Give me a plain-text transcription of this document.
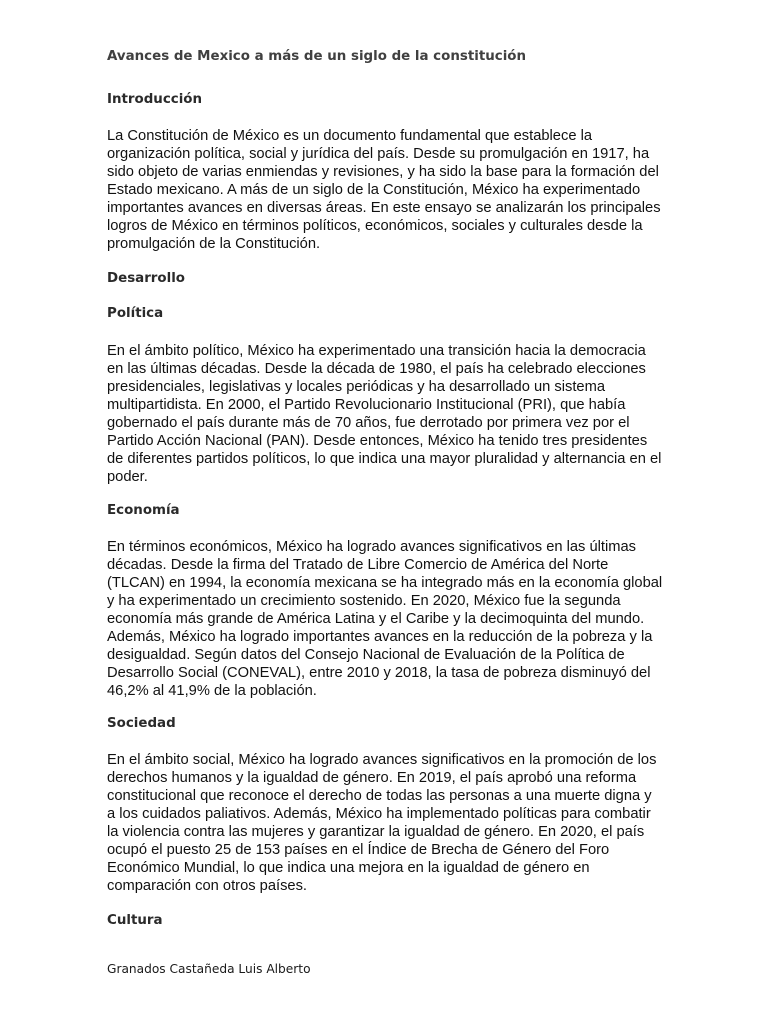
Avances de Mexico a más de un siglo de la constitución
Introducción

La Constitución de México es un documento fundamental que establece la organización política, social y jurídica del país. Desde su promulgación en 1917, ha sido objeto de varias enmiendas y revisiones, y ha sido la base para la formación del Estado mexicano. A más de un siglo de la Constitución, México ha experimentado importantes avances en diversas áreas. En este ensayo se analizarán los principales logros de México en términos políticos, económicos, sociales y culturales desde la promulgación de la Constitución.

Desarrollo
Política

En el ámbito político, México ha experimentado una transición hacia la democracia en las últimas décadas. Desde la década de 1980, el país ha celebrado elecciones presidenciales, legislativas y locales periódicas y ha desarrollado un sistema multipartidista. En 2000, el Partido Revolucionario Institucional (PRI), que había gobernado el país durante más de 70 años, fue derrotado por primera vez por el Partido Acción Nacional (PAN). Desde entonces, México ha tenido tres presidentes de diferentes partidos políticos, lo que indica una mayor pluralidad y alternancia en el poder.

Economía

En términos económicos, México ha logrado avances significativos en las últimas décadas. Desde la firma del Tratado de Libre Comercio de América del Norte (TLCAN) en 1994, la economía mexicana se ha integrado más en la economía global y ha experimentado un crecimiento sostenido. En 2020, México fue la segunda economía más grande de América Latina y el Caribe y la decimoquinta del mundo. Además, México ha logrado importantes avances en la reducción de la pobreza y la desigualdad. Según datos del Consejo Nacional de Evaluación de la Política de Desarrollo Social (CONEVAL), entre 2010 y 2018, la tasa de pobreza disminuyó del 46,2% al 41,9% de la población.

Sociedad

En el ámbito social, México ha logrado avances significativos en la promoción de los derechos humanos y la igualdad de género. En 2019, el país aprobó una reforma constitucional que reconoce el derecho de todas las personas a una muerte digna y a los cuidados paliativos. Además, México ha implementado políticas para combatir la violencia contra las mujeres y garantizar la igualdad de género. En 2020, el país ocupó el puesto 25 de 153 países en el Índice de Brecha de Género del Foro Económico Mundial, lo que indica una mejora en la igualdad de género en comparación con otros países.

Cultura

Granados Castañeda Luis Alberto
